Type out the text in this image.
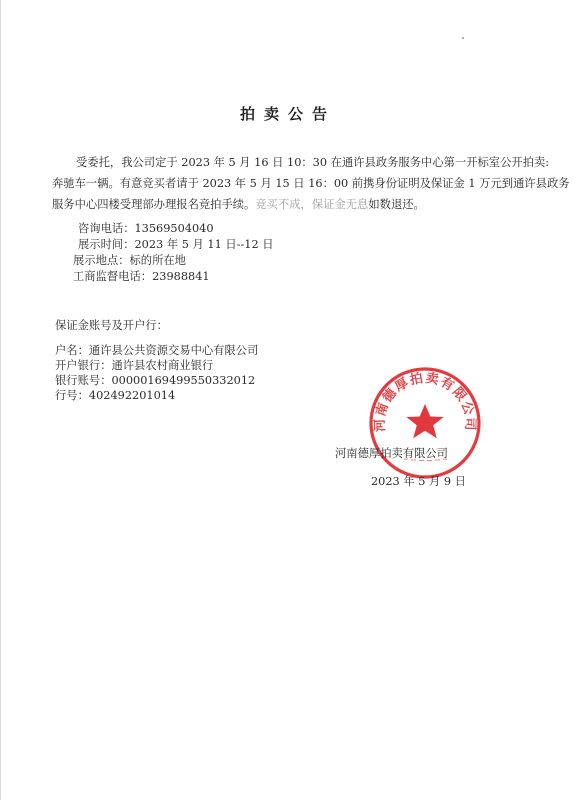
拍卖公告
受委托，我公司定于 2023 年 5 月 16 日 10：30 在通许县政务服务中心第一开标室公开拍卖:
奔驰车一辆。有意竞买者请于 2023 年 5 月 15 日 16：00 前携身份证明及保证金 1 万元到通许县政务
服务中心四楼受理部办理报名竞拍手续。竞买不成，保证金无息如数退还。
咨询电话：13569504040
展示时间：2023 年 5 月 11 日--12 日
展示地点：标的所在地
工商监督电话：23988841
保证金账号及开户行：
户名：通许县公共资源交易中心有限公司
开户银行：通许县农村商业银行
银行账号：000001694995503320​12
行号：402492201014
河南德厚拍卖有限公司
河南德厚拍卖有限公司
2023 年 5 月 9 日
